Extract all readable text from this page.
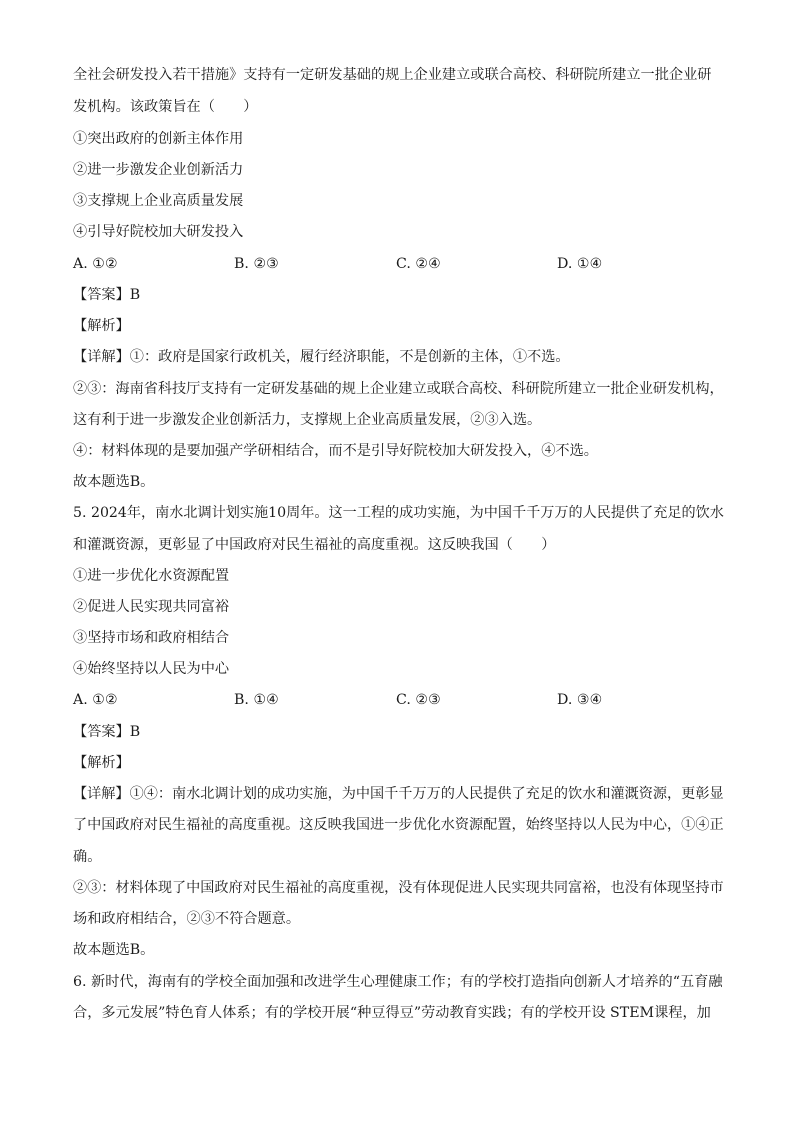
全社会研发投入若干措施》支持有一定研发基础的规上企业建立或联合高校、科研院所建立一批企业研
发机构。该政策旨在（　　）
①突出政府的创新主体作用
②进一步激发企业创新活力
③支撑规上企业高质量发展
④引导好院校加大研发投入
A. ①②	B. ②③	C. ②④	D. ①④
【答案】B
【解析】
【详解】①：政府是国家行政机关，履行经济职能，不是创新的主体，①不选。
②③：海南省科技厅支持有一定研发基础的规上企业建立或联合高校、科研院所建立一批企业研发机构，
这有利于进一步激发企业创新活力，支撑规上企业高质量发展，②③入选。
④：材料体现的是要加强产学研相结合，而不是引导好院校加大研发投入，④不选。
故本题选B。
5. 2024年，南水北调计划实施10周年。这一工程的成功实施，为中国千千万万的人民提供了充足的饮水
和灌溉资源，更彰显了中国政府对民生福祉的高度重视。这反映我国（　　）
①进一步优化水资源配置
②促进人民实现共同富裕
③坚持市场和政府相结合
④始终坚持以人民为中心
A. ①②	B. ①④	C. ②③	D. ③④
【答案】B
【解析】
【详解】①④：南水北调计划的成功实施，为中国千千万万的人民提供了充足的饮水和灌溉资源，更彰显
了中国政府对民生福祉的高度重视。这反映我国进一步优化水资源配置，始终坚持以人民为中心，①④正
确。
②③：材料体现了中国政府对民生福祉的高度重视，没有体现促进人民实现共同富裕，也没有体现坚持市
场和政府相结合，②③不符合题意。
故本题选B。
6. 新时代，海南有的学校全面加强和改进学生心理健康工作；有的学校打造指向创新人才培养的“五育融
合，多元发展”特色育人体系；有的学校开展“种豆得豆”劳动教育实践；有的学校开设 STEM课程，加
